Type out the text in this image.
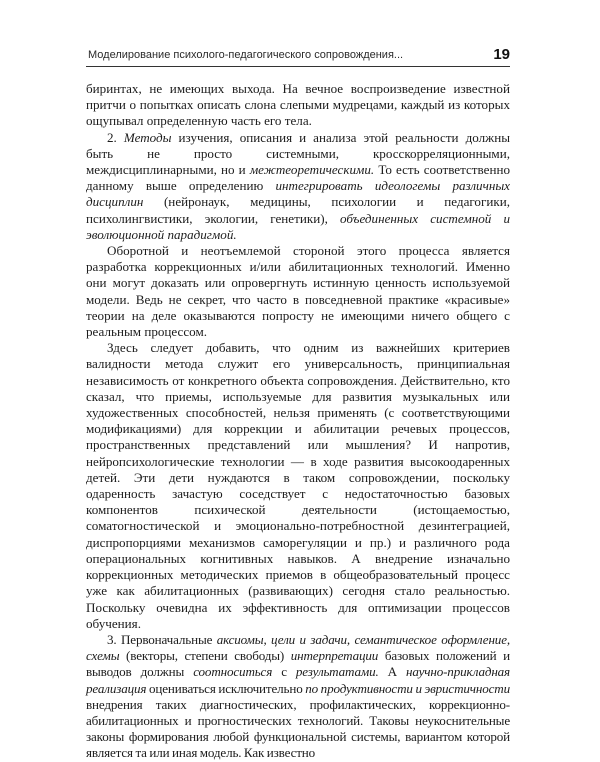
Моделирование психолого-педагогического сопровождения...	19

биринтах, не имеющих выхода. На вечное воспроизведение известной притчи о попытках описать слона слепыми мудрецами, каждый из которых ощупывал определенную часть его тела.

2. Методы изучения, описания и анализа этой реальности должны быть не просто системными, кросскорреляционными, междисциплинарными, но и межтеоретическими. То есть соответственно данному выше определению интегрировать идеологемы различных дисциплин (нейронаук, медицины, психологии и педагогики, психолингвистики, экологии, генетики), объединенных системной и эволюционной парадигмой.

Оборотной и неотъемлемой стороной этого процесса является разработка коррекционных и/или абилитационных технологий. Именно они могут доказать или опровергнуть истинную ценность используемой модели. Ведь не секрет, что часто в повседневной практике «красивые» теории на деле оказываются попросту не имеющими ничего общего с реальным процессом.

Здесь следует добавить, что одним из важнейших критериев валидности метода служит его универсальность, принципиальная независимость от конкретного объекта сопровождения. Действительно, кто сказал, что приемы, используемые для развития музыкальных или художественных способностей, нельзя применять (с соответствующими модификациями) для коррекции и абилитации речевых процессов, пространственных представлений или мышления? И напротив, нейропсихологические технологии — в ходе развития высокоодаренных детей. Эти дети нуждаются в таком сопровождении, поскольку одаренность зачастую соседствует с недостаточностью базовых компонентов психической деятельности (истощаемостью, соматогностической и эмоционально-потребностной дезинтеграцией, диспропорциями механизмов саморегуляции и пр.) и различного рода операциональных когнитивных навыков. А внедрение изначально коррекционных методических приемов в общеобразовательный процесс уже как абилитационных (развивающих) сегодня стало реальностью. Поскольку очевидна их эффективность для оптимизации процессов обучения.

3. Первоначальные аксиомы, цели и задачи, семантическое оформление, схемы (векторы, степени свободы) интерпретации базовых положений и выводов должны соотноситься с результатами. А научно-прикладная реализация оцениваться исключительно по продуктивности и эвристичности внедрения таких диагностических, профилактических, коррекционно-абилитационных и прогностических технологий. Таковы неукоснительные законы формирования любой функциональной системы, вариантом которой является та или иная модель. Как известно
